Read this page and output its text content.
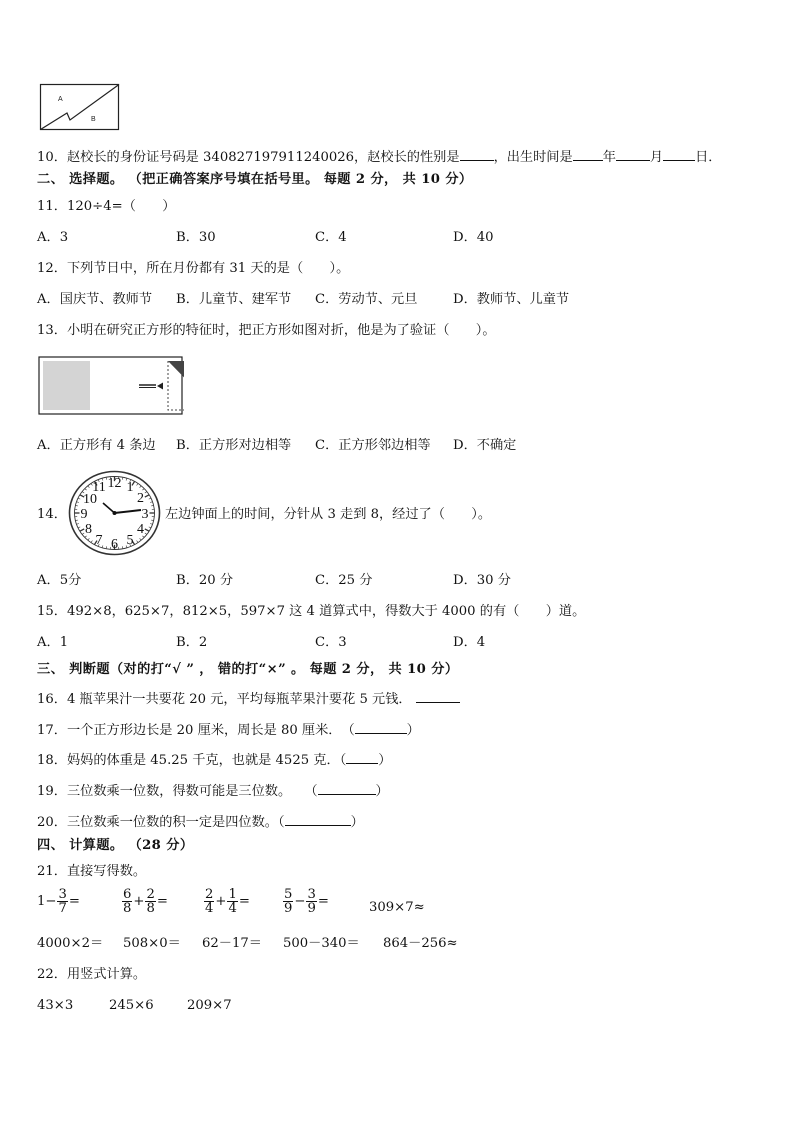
A
B
10．赵校长的身份证号码是 340827197911240026，赵校长的性别是	，出生时间是 年	月 日．
二、 选择题。 （把正确答案序号填在括号里。 每题 2 分， 共 10 分）
11．120÷4=（　　）
A．3	B．30	C．4	D．40
12．下列节日中，所在月份都有 31 天的是（　　）。
A．国庆节、教师节 B．儿童节、建军节 C．劳动节、元旦	D．教师节、儿童节
13．小明在研究正方形的特征时，把正方形如图对折，他是为了验证（　　）。
A．正方形有 4 条边 B．正方形对边相等 C．正方形邻边相等 D．不确定
14．
12 1
2
3
4
5
6
7
8
9
10
11
左边钟面上的时间，分针从 3 走到 8，经过了（　　）。
A．5分	B．20 分	C．25 分	D．30 分
15．492×8，625×7，812×5，597×7 这 4 道算式中，得数大于 4000 的有（　　）道。
A．1	B．2	C．3	D．4
三、 判断题（对的打“√ ” ， 错的打“×” 。 每题 2 分， 共 10 分）
16．4 瓶苹果汁一共要花 20 元，平均每瓶苹果汁要花 5 元钱．
17．一个正方形边长是 20 厘米，周长是 80 厘米．　（	）
18．妈妈的体重是 45.25 千克，也就是 4525 克．（ ）
19．三位数乘一位数，得数可能是三位数。　　（	）
20．三位数乘一位数的积一定是四位数。（	）
四、 计算题。 （28 分）
21．直接写得数。
$1 - \frac{3}{7}$ =	$\frac{6}{8} + \frac{2}{8}$ =	$\frac{2}{4} + \frac{1}{4}$ =	$\frac{5}{9} - \frac{3}{9}$ =	309×7≈
4000×2＝ 508×0＝ 62－17＝ 500－340＝ 864－256≈
22．用竖式计算。
43×3	245×6	209×7
